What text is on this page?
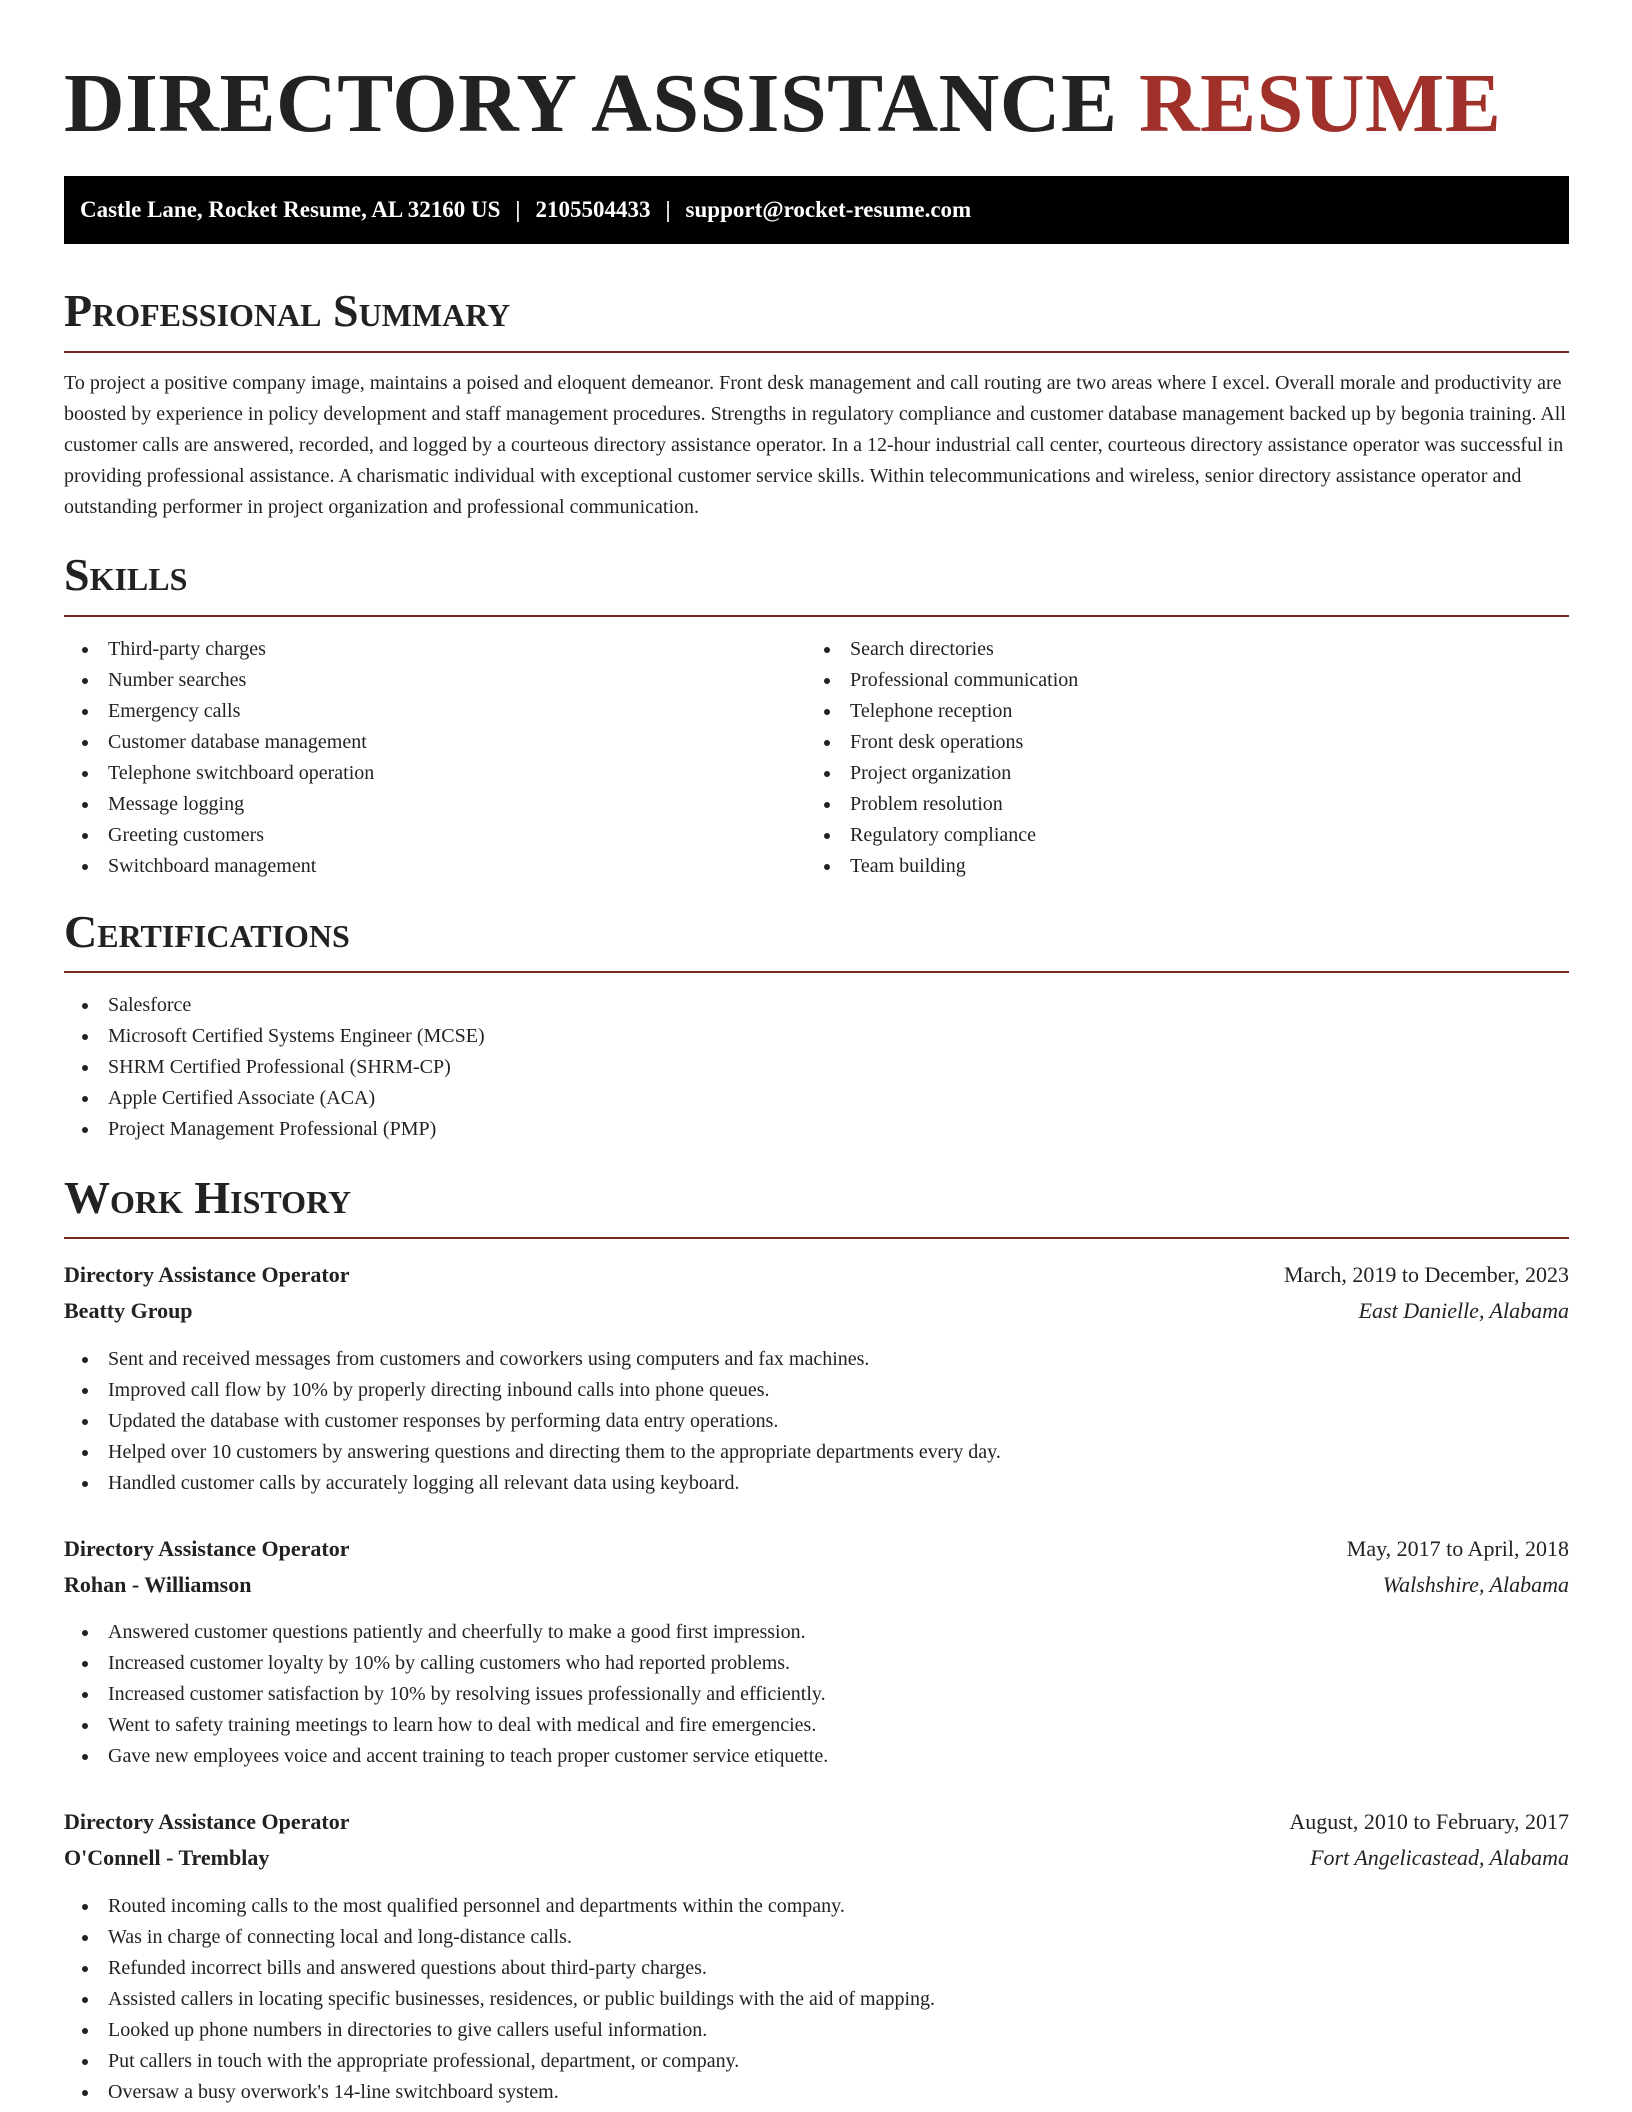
DIRECTORY ASSISTANCE RESUME
Castle Lane, Rocket Resume, AL 32160 US | 2105504433 | support@rocket-resume.com
Professional Summary

To project a positive company image, maintains a poised and eloquent demeanor. Front desk management and call routing are two areas where I excel. Overall morale and productivity are boosted by experience in policy development and staff management procedures. Strengths in regulatory compliance and customer database management backed up by begonia training. All customer calls are answered, recorded, and logged by a courteous directory assistance operator. In a 12-hour industrial call center, courteous directory assistance operator was successful in providing professional assistance. A charismatic individual with exceptional customer service skills. Within telecommunications and wireless, senior directory assistance operator and outstanding performer in project organization and professional communication.

Skills
Third-party charges
Number searches
Emergency calls
Customer database management
Telephone switchboard operation
Message logging
Greeting customers
Switchboard management
Search directories
Professional communication
Telephone reception
Front desk operations
Project organization
Problem resolution
Regulatory compliance
Team building
Certifications
Salesforce
Microsoft Certified Systems Engineer (MCSE)
SHRM Certified Professional (SHRM-CP)
Apple Certified Associate (ACA)
Project Management Professional (PMP)
Work History
Directory Assistance Operator	March, 2019 to December, 2023
Beatty Group	East Danielle, Alabama
Sent and received messages from customers and coworkers using computers and fax machines.
Improved call flow by 10% by properly directing inbound calls into phone queues.
Updated the database with customer responses by performing data entry operations.
Helped over 10 customers by answering questions and directing them to the appropriate departments every day.
Handled customer calls by accurately logging all relevant data using keyboard.
Directory Assistance Operator	May, 2017 to April, 2018
Rohan - Williamson	Walshshire, Alabama
Answered customer questions patiently and cheerfully to make a good first impression.
Increased customer loyalty by 10% by calling customers who had reported problems.
Increased customer satisfaction by 10% by resolving issues professionally and efficiently.
Went to safety training meetings to learn how to deal with medical and fire emergencies.
Gave new employees voice and accent training to teach proper customer service etiquette.
Directory Assistance Operator	August, 2010 to February, 2017
O'Connell - Tremblay	Fort Angelicastead, Alabama
Routed incoming calls to the most qualified personnel and departments within the company.
Was in charge of connecting local and long-distance calls.
Refunded incorrect bills and answered questions about third-party charges.
Assisted callers in locating specific businesses, residences, or public buildings with the aid of mapping.
Looked up phone numbers in directories to give callers useful information.
Put callers in touch with the appropriate professional, department, or company.
Oversaw a busy overwork's 14-line switchboard system.
